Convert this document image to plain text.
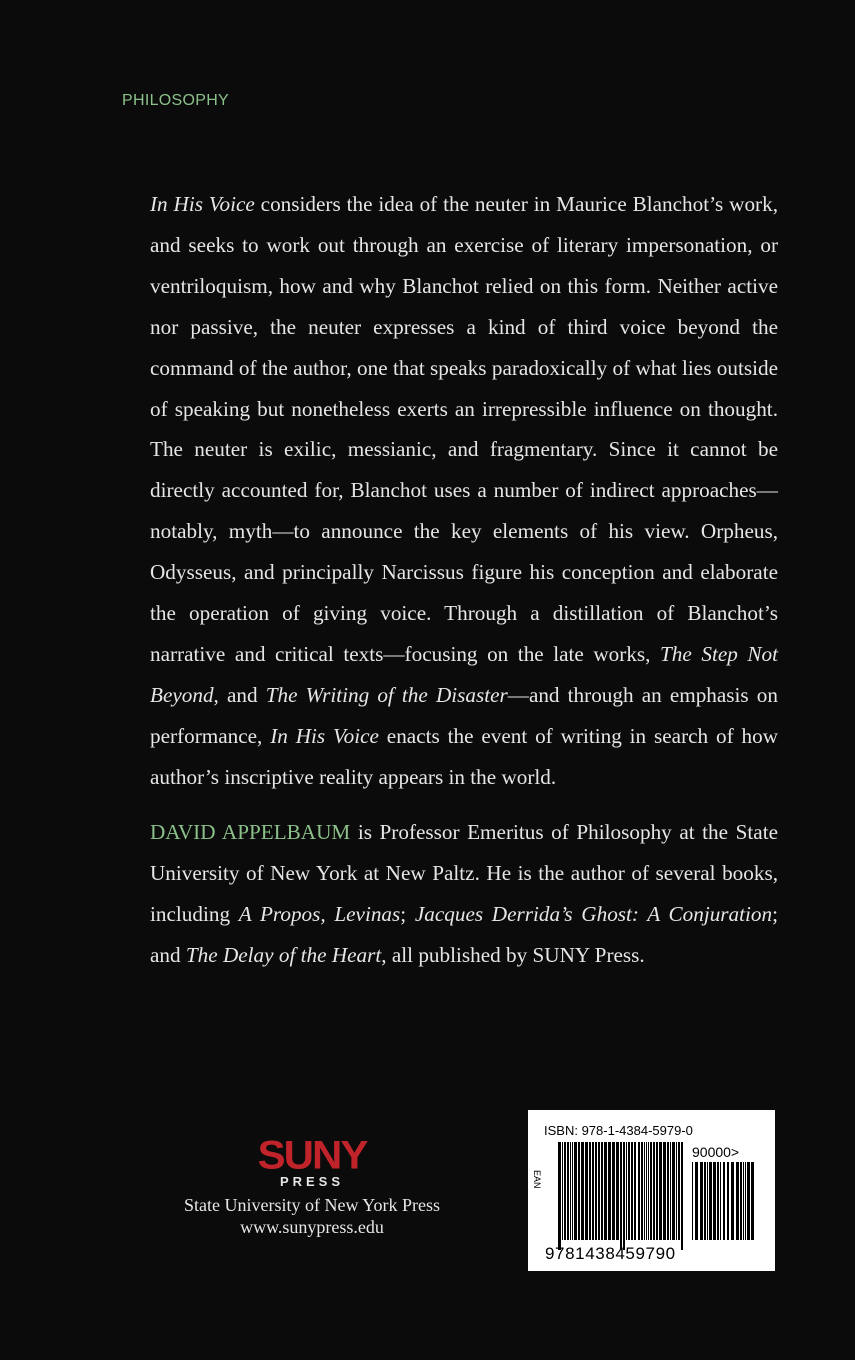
PHILOSOPHY

In His Voice considers the idea of the neuter in Maurice Blanchot’s work, and seeks to work out through an exercise of literary impersonation, or ventriloquism, how and why Blanchot relied on this form. Neither active nor passive, the neuter expresses a kind of third voice beyond the command of the author, one that speaks paradoxically of what lies outside of speaking but nonetheless exerts an irrepressible influence on thought. The neuter is exilic, messianic, and fragmentary. Since it cannot be directly accounted for, Blanchot uses a number of indirect approaches—notably, myth—to announce the key elements of his view. Orpheus, Odysseus, and principally Narcissus figure his conception and elaborate the operation of giving voice. Through a distillation of Blanchot’s narrative and critical texts—focusing on the late works, The Step Not Beyond, and The Writing of the Disaster—and through an emphasis on performance, In His Voice enacts the event of writing in search of how author’s inscriptive reality appears in the world.

DAVID APPELBAUM is Professor Emeritus of Philosophy at the State University of New York at New Paltz. He is the author of several books, including A Propos, Levinas; Jacques Derrida’s Ghost: A Conjuration; and The Delay of the Heart, all published by SUNY Press.

SUNY
PRESS
State University of New York Press
www.sunypress.edu
ISBN: 978-1-4384-5979-0
EAN
90000>
9781438459790
